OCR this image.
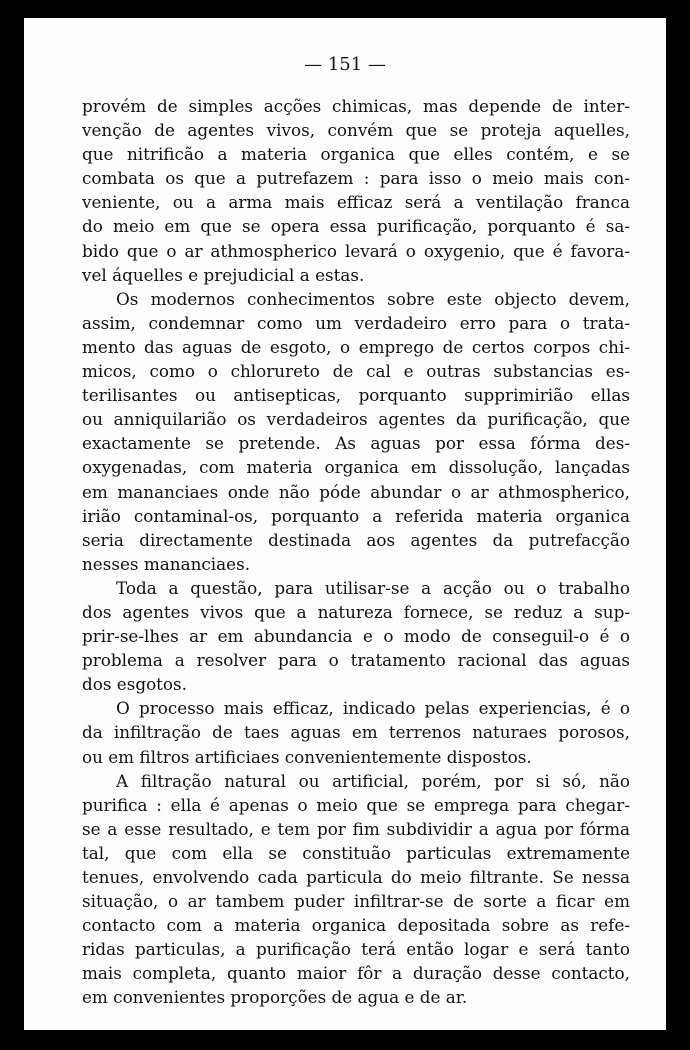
— 151 —
provém de simples acções chimicas, mas depende de inter-
venção de agentes vivos, convém que se proteja aquelles,
que nitrificão a materia organica que elles contém, e se
combata os que a putrefazem : para isso o meio mais con-
veniente, ou a arma mais efficaz será a ventilação franca
do meio em que se opera essa purificação, porquanto é sa-
bido que o ar athmospherico levará o oxygenio, que é favora-
vel áquelles e prejudicial a estas.
Os modernos conhecimentos sobre este objecto devem,
assim, condemnar como um verdadeiro erro para o trata-
mento das aguas de esgoto, o emprego de certos corpos chi-
micos, como o chlorureto de cal e outras substancias es-
terilisantes ou antisepticas, porquanto supprimirião ellas
ou anniquilarião os verdadeiros agentes da purificação, que
exactamente se pretende. As aguas por essa fórma des-
oxygenadas, com materia organica em dissolução, lançadas
em mananciaes onde não póde abundar o ar athmospherico,
irião contaminal-os, porquanto a referida materia organica
seria directamente destinada aos agentes da putrefacção
nesses mananciaes.
Toda a questão, para utilisar-se a acção ou o trabalho
dos agentes vivos que a natureza fornece, se reduz a sup-
prir-se-lhes ar em abundancia e o modo de conseguil-o é o
problema a resolver para o tratamento racional das aguas
dos esgotos.
O processo mais efficaz, indicado pelas experiencias, é o
da infiltração de taes aguas em terrenos naturaes porosos,
ou em filtros artificiaes convenientemente dispostos.
A filtração natural ou artificial, porém, por si só, não
purifica : ella é apenas o meio que se emprega para chegar-
se a esse resultado, e tem por fim subdividir a agua por fórma
tal, que com ella se constituão particulas extremamente
tenues, envolvendo cada particula do meio filtrante. Se nessa
situação, o ar tambem puder infiltrar-se de sorte a ficar em
contacto com a materia organica depositada sobre as refe-
ridas particulas, a purificação terá então logar e será tanto
mais completa, quanto maior fôr a duração desse contacto,
em convenientes proporções de agua e de ar.
